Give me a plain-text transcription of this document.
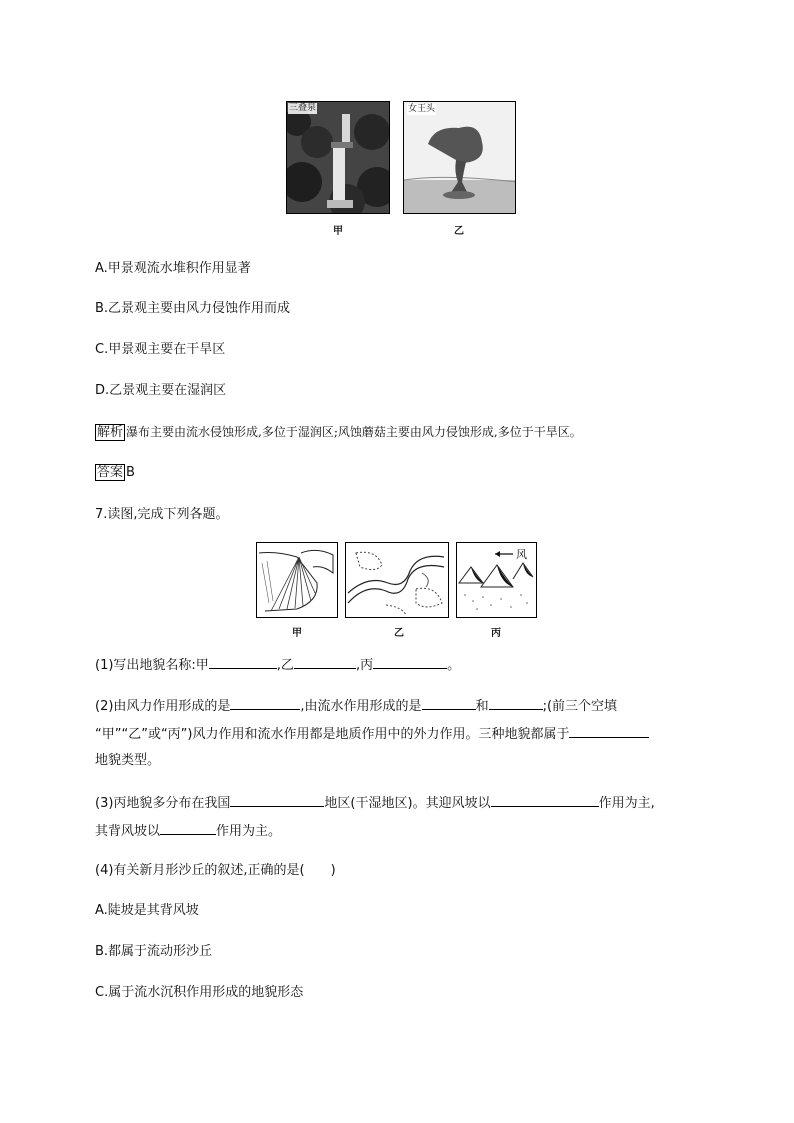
三叠泉	女王头
甲	乙
A.甲景观流水堆积作用显著
B.乙景观主要由风力侵蚀作用而成
C.甲景观主要在干旱区
D.乙景观主要在湿润区
解析 瀑布主要由流水侵蚀形成,多位于湿润区;风蚀蘑菇主要由风力侵蚀形成,多位于干旱区。
答案 B
7.读图,完成下列各题。
风
甲	乙	丙
(1)写出地貌名称:甲	,乙	,丙	。
(2)由风力作用形成的是	,由流水作用形成的是	和	;(前三个空填
“甲”“乙”或“丙”)风力作用和流水作用都是地质作用中的外力作用。三种地貌都属于
地貌类型。
(3)丙地貌多分布在我国	地区(干湿地区)。其迎风坡以	作用为主,
其背风坡以	作用为主。
(4)有关新月形沙丘的叙述,正确的是(　　)
A.陡坡是其背风坡
B.都属于流动形沙丘
C.属于流水沉积作用形成的地貌形态
